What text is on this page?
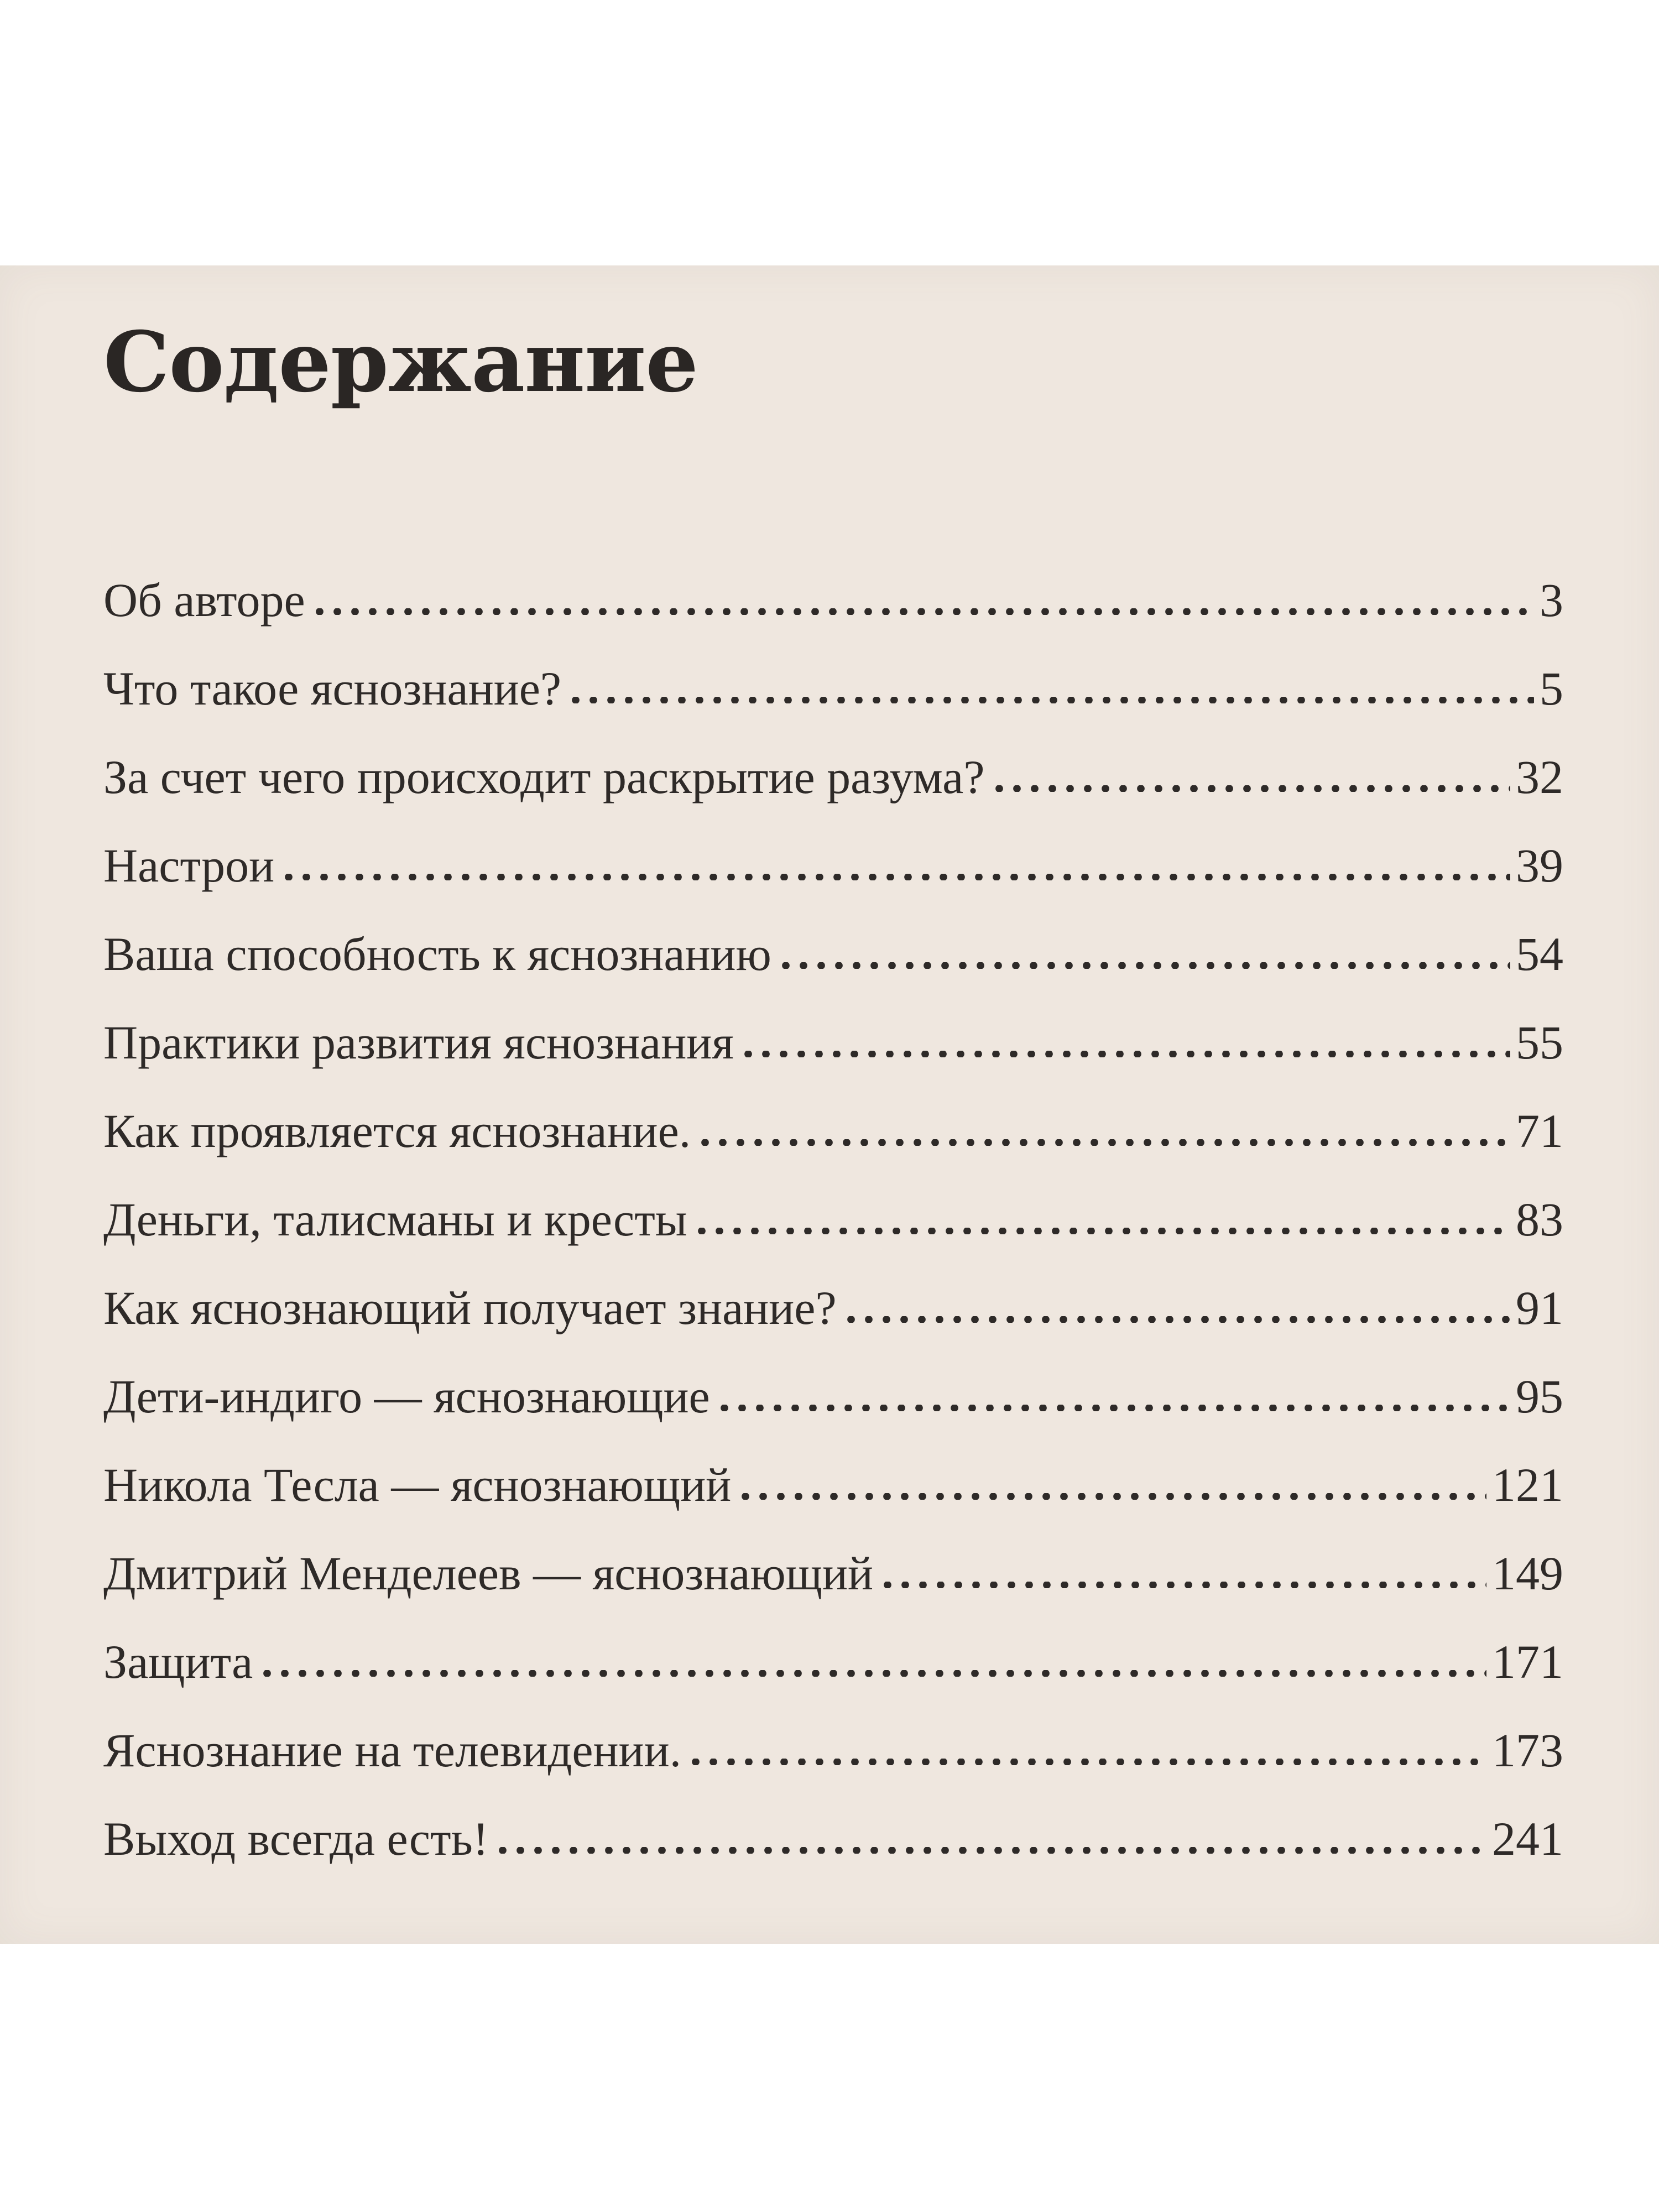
Содержание
Об авторе	3
Что такое яснознание?	5
За счет чего происходит раскрытие разума?	32
Настрои	39
Ваша способность к яснознанию	54
Практики развития яснознания	55
Как проявляется яснознание.	71
Деньги, талисманы и кресты	83
Как яснознающий получает знание?	91
Дети-индиго — яснознающие	95
Никола Тесла — яснознающий	121
Дмитрий Менделеев — яснознающий	149
Защита	171
Яснознание на телевидении.	173
Выход всегда есть!	241
